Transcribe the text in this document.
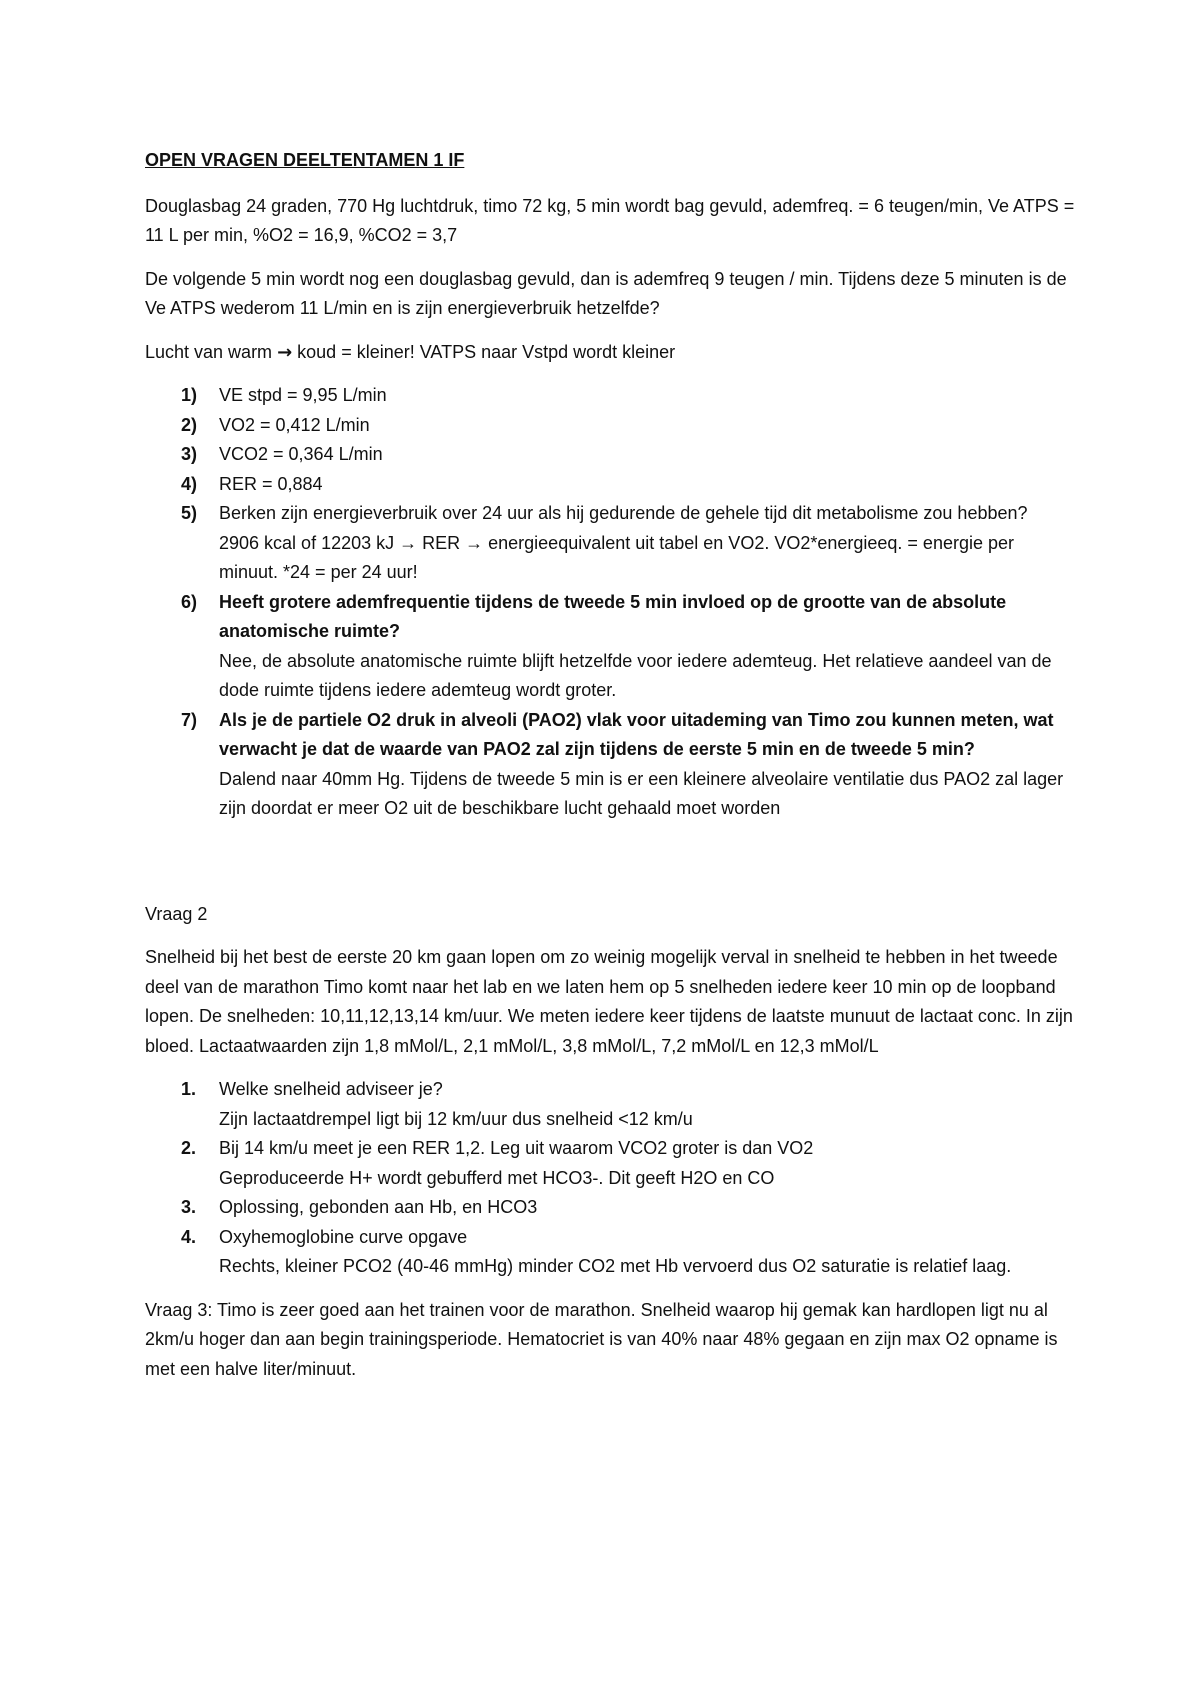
OPEN VRAGEN DEELTENTAMEN 1 IF

Douglasbag 24 graden, 770 Hg luchtdruk, timo 72 kg, 5 min wordt bag gevuld, ademfreq. = 6 teugen/min, Ve ATPS = 11 L per min, %O2 = 16,9, %CO2 = 3,7

De volgende 5 min wordt nog een douglasbag gevuld, dan is ademfreq 9 teugen / min. Tijdens deze 5 minuten is de Ve ATPS wederom 11 L/min en is zijn energieverbruik hetzelfde?

Lucht van warm → koud = kleiner! VATPS naar Vstpd wordt kleiner

1) VE stpd = 9,95 L/min
2) VO2 = 0,412 L/min
3) VCO2 = 0,364 L/min
4) RER = 0,884
5) Berken zijn energieverbruik over 24 uur als hij gedurende de gehele tijd dit metabolisme zou hebben?
2906 kcal of 12203 kJ → RER → energieequivalent uit tabel en VO2. VO2*energieeq. = energie per minuut. *24 = per 24 uur!
6) Heeft grotere ademfrequentie tijdens de tweede 5 min invloed op de grootte van de absolute anatomische ruimte?
Nee, de absolute anatomische ruimte blijft hetzelfde voor iedere ademteug. Het relatieve aandeel van de dode ruimte tijdens iedere ademteug wordt groter.
7) Als je de partiele O2 druk in alveoli (PAO2) vlak voor uitademing van Timo zou kunnen meten, wat verwacht je dat de waarde van PAO2 zal zijn tijdens de eerste 5 min en de tweede 5 min?
Dalend naar 40mm Hg. Tijdens de tweede 5 min is er een kleinere alveolaire ventilatie dus PAO2 zal lager zijn doordat er meer O2 uit de beschikbare lucht gehaald moet worden

Vraag 2

Snelheid bij het best de eerste 20 km gaan lopen om zo weinig mogelijk verval in snelheid te hebben in het tweede deel van de marathon Timo komt naar het lab en we laten hem op 5 snelheden iedere keer 10 min op de loopband lopen. De snelheden: 10,11,12,13,14 km/uur. We meten iedere keer tijdens de laatste munuut de lactaat conc. In zijn bloed. Lactaatwaarden zijn 1,8 mMol/L, 2,1 mMol/L, 3,8 mMol/L, 7,2 mMol/L en 12,3 mMol/L

1. Welke snelheid adviseer je?
Zijn lactaatdrempel ligt bij 12 km/uur dus snelheid <12 km/u
2. Bij 14 km/u meet je een RER 1,2. Leg uit waarom VCO2 groter is dan VO2
Geproduceerde H+ wordt gebufferd met HCO3-. Dit geeft H2O en CO
3. Oplossing, gebonden aan Hb, en HCO3
4. Oxyhemoglobine curve opgave
Rechts, kleiner PCO2 (40-46 mmHg) minder CO2 met Hb vervoerd dus O2 saturatie is relatief laag.

Vraag 3: Timo is zeer goed aan het trainen voor de marathon. Snelheid waarop hij gemak kan hardlopen ligt nu al 2km/u hoger dan aan begin trainingsperiode. Hematocriet is van 40% naar 48% gegaan en zijn max O2 opname is met een halve liter/minuut.
